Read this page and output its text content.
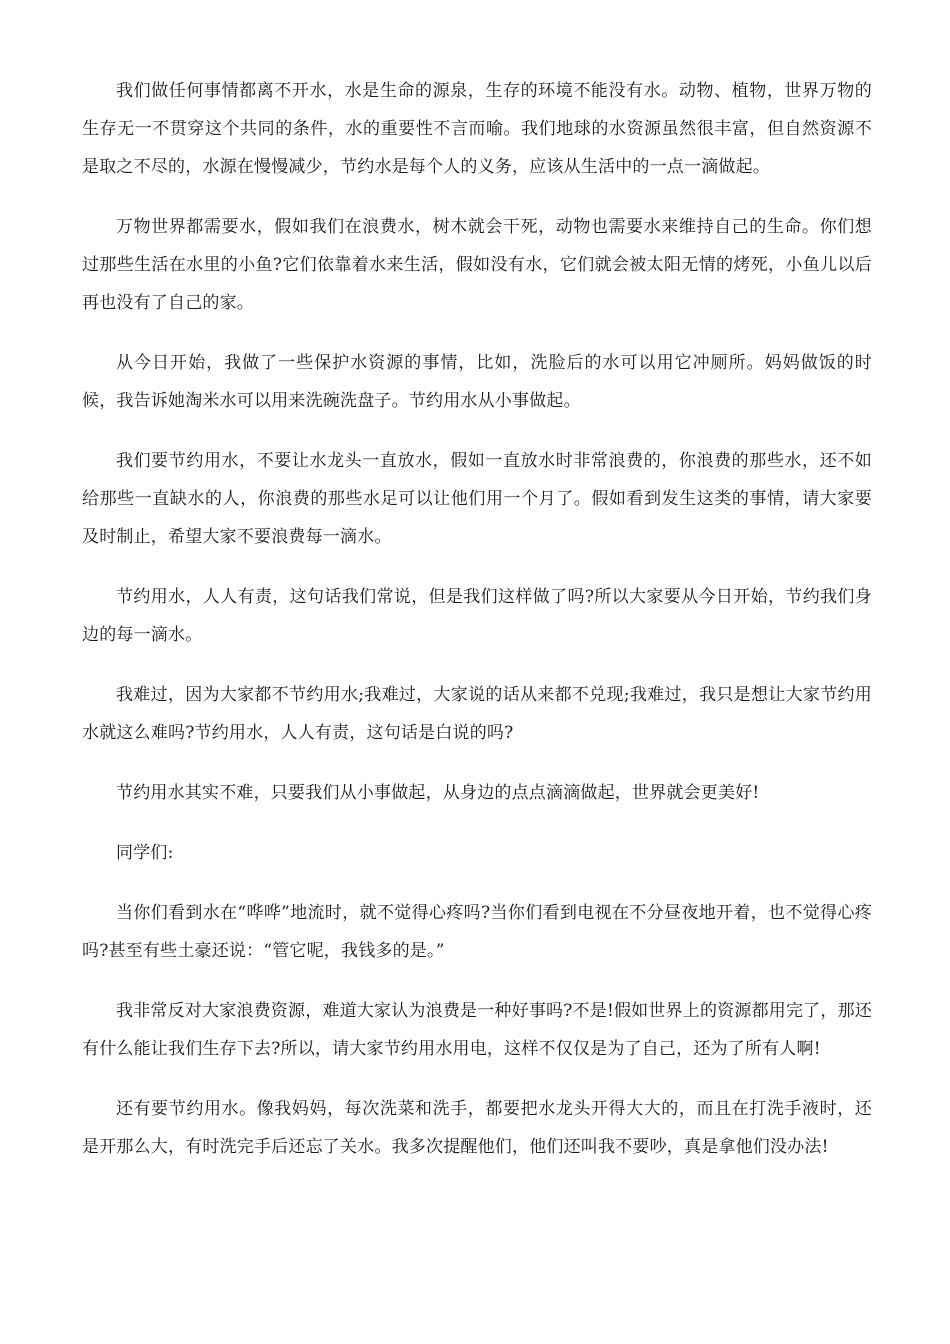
我们做任何事情都离不开水，水是生命的源泉，生存的环境不能没有水。动物、植物，世界万物的生存无一不贯穿这个共同的条件，水的重要性不言而喻。我们地球的水资源虽然很丰富，但自然资源不是取之不尽的，水源在慢慢减少，节约水是每个人的义务，应该从生活中的一点一滴做起。

万物世界都需要水，假如我们在浪费水，树木就会干死，动物也需要水来维持自己的生命。你们想过那些生活在水里的小鱼?它们依靠着水来生活，假如没有水，它们就会被太阳无情的烤死，小鱼儿以后再也没有了自己的家。

从今日开始，我做了一些保护水资源的事情，比如，洗脸后的水可以用它冲厕所。妈妈做饭的时候，我告诉她淘米水可以用来洗碗洗盘子。节约用水从小事做起。

我们要节约用水，不要让水龙头一直放水，假如一直放水时非常浪费的，你浪费的那些水，还不如给那些一直缺水的人，你浪费的那些水足可以让他们用一个月了。假如看到发生这类的事情，请大家要及时制止，希望大家不要浪费每一滴水。

节约用水，人人有责，这句话我们常说，但是我们这样做了吗?所以大家要从今日开始，节约我们身边的每一滴水。

我难过，因为大家都不节约用水;我难过，大家说的话从来都不兑现;我难过，我只是想让大家节约用水就这么难吗?节约用水，人人有责，这句话是白说的吗?

节约用水其实不难，只要我们从小事做起，从身边的点点滴滴做起，世界就会更美好!

同学们:

当你们看到水在“哗哗”地流时，就不觉得心疼吗?当你们看到电视在不分昼夜地开着，也不觉得心疼吗?甚至有些土豪还说：“管它呢，我钱多的是。”

我非常反对大家浪费资源，难道大家认为浪费是一种好事吗?不是!假如世界上的资源都用完了，那还有什么能让我们生存下去?所以，请大家节约用水用电，这样不仅仅是为了自己，还为了所有人啊!

还有要节约用水。像我妈妈，每次洗菜和洗手，都要把水龙头开得大大的，而且在打洗手液时，还是开那么大，有时洗完手后还忘了关水。我多次提醒他们，他们还叫我不要吵，真是拿他们没办法!
